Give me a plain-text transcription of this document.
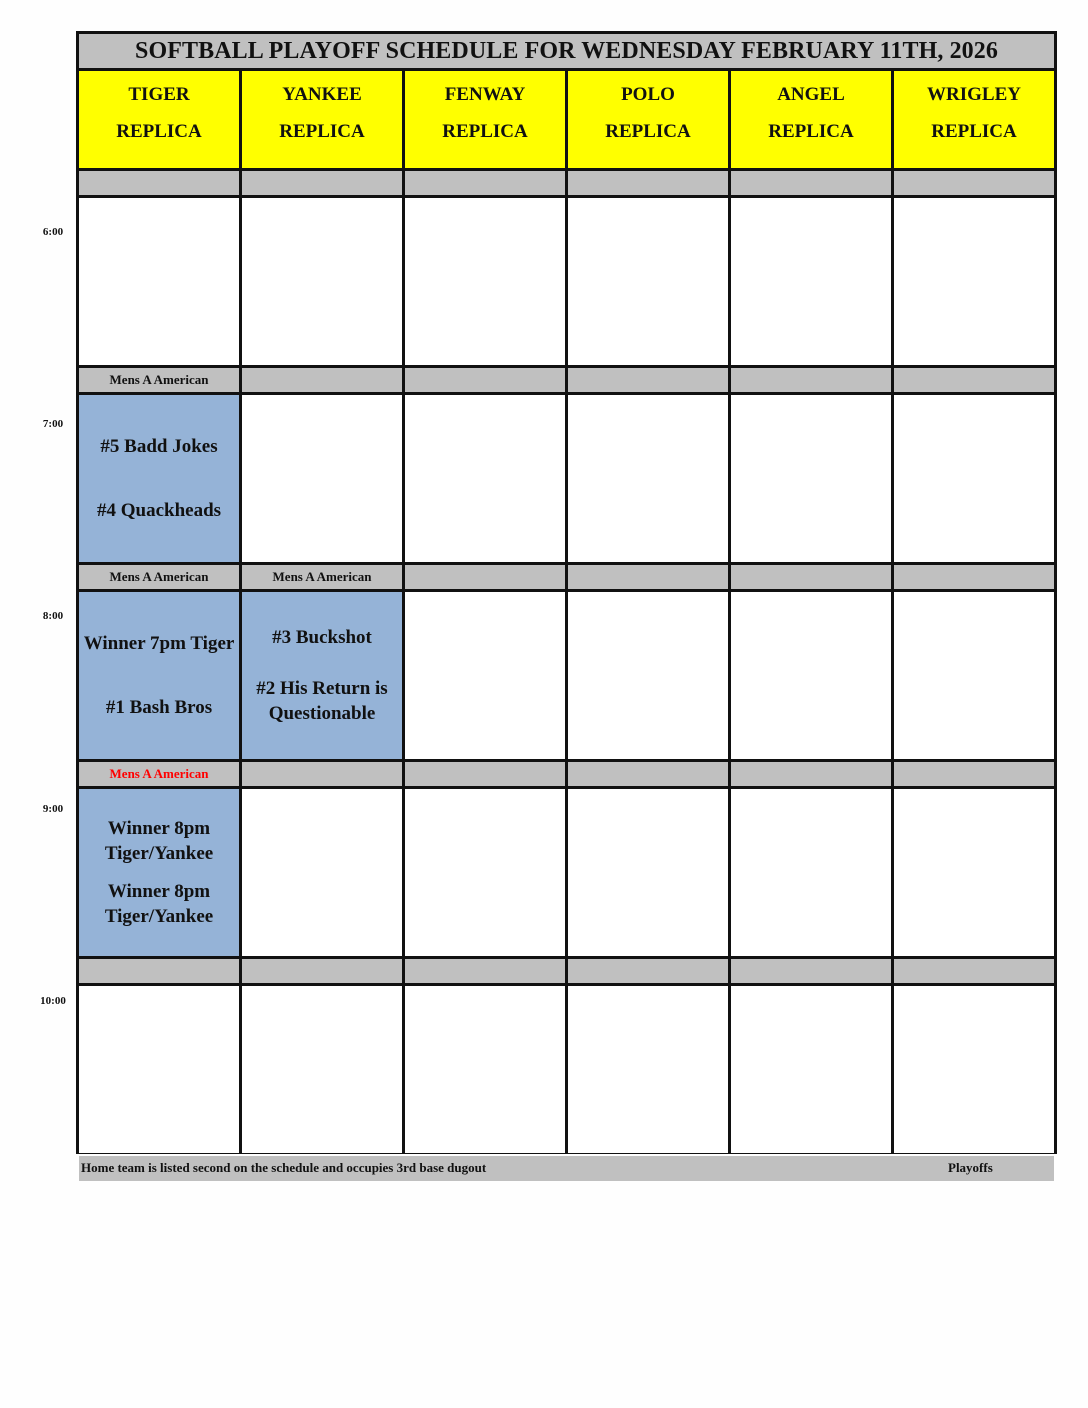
6:00
7:00
8:00
9:00
10:00
SOFTBALL PLAYOFF SCHEDULE FOR WEDNESDAY FEBRUARY 11TH, 2026
TIGER
REPLICA
YANKEE
REPLICA
FENWAY
REPLICA
POLO
REPLICA
ANGEL
REPLICA
WRIGLEY
REPLICA
Mens A American
#5 Badd Jokes
#4 Quackheads
Mens A American	Mens A American
Winner 7pm Tiger
#1 Bash Bros
#3 Buckshot
#2 His Return is Questionable
Mens A American
Winner 8pm Tiger/Yankee
Winner 8pm Tiger/Yankee
Home team is listed second on the schedule and occupies 3rd base dugout	Playoffs
